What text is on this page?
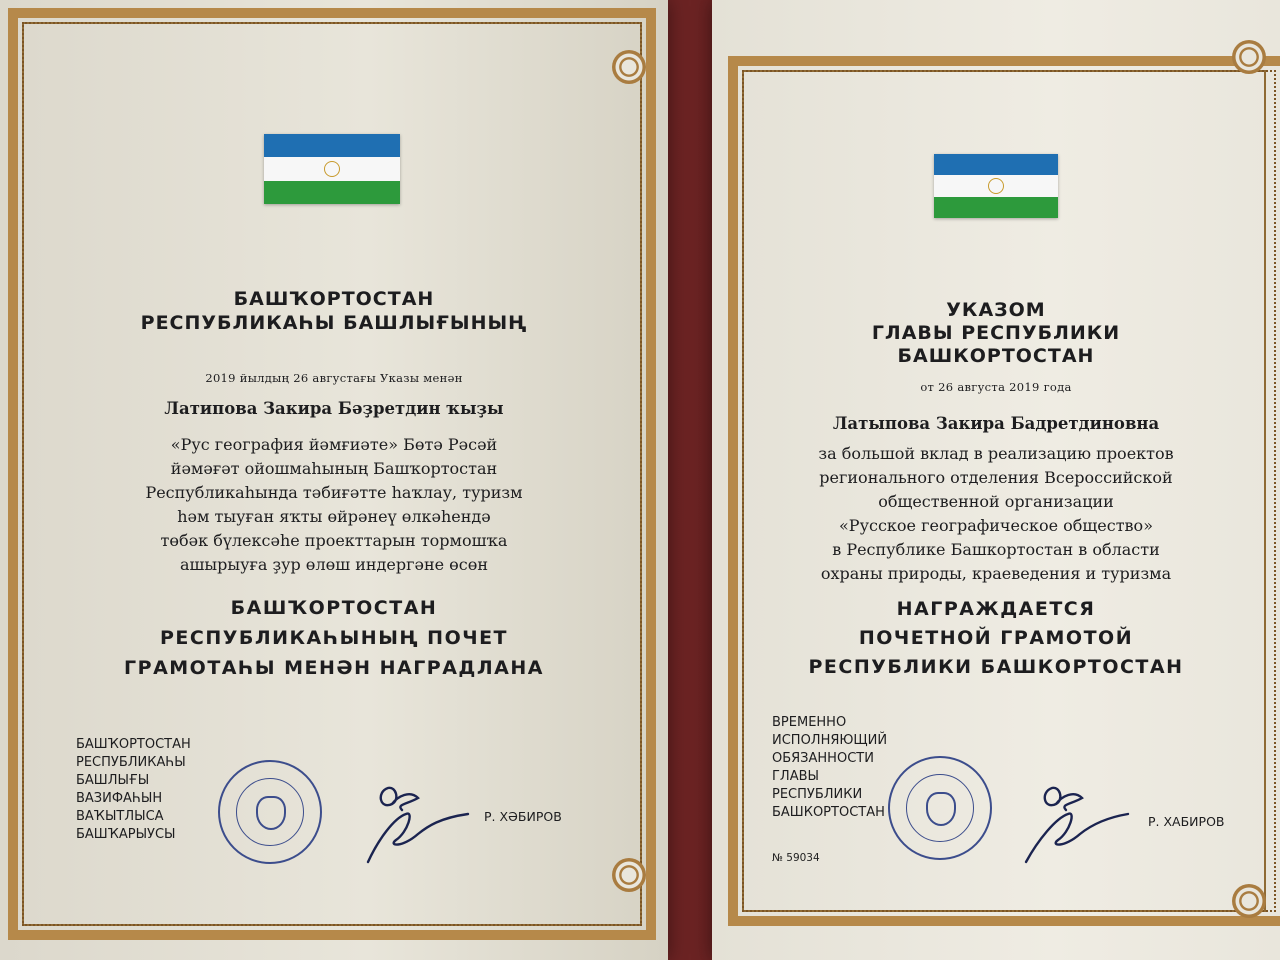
БАШҠОРТОСТАН
РЕСПУБЛИКАҺЫ БАШЛЫҒЫНЫҢ
2019 йылдың 26 августағы Указы менән
Латипова Закира Бәҙретдин ҡыҙы
«Рус география йәмғиәте» Бөтә Рәсәй
йәмәғәт ойошмаһының Башҡортостан
Республикаһында тәбиғәтте һаҡлау, туризм
һәм тыуған яҡты өйрәнеү өлкәһендә
төбәк бүлексәһе проекттарын тормошҡа
ашырыуға ҙур өлөш индергәне өсөн
БАШҠОРТОСТАН
РЕСПУБЛИКАҺЫНЫҢ ПОЧЕТ
ГРАМОТАҺЫ МЕНӘН НАГРАДЛАНА
БАШҠОРТОСТАН
РЕСПУБЛИКАҺЫ
БАШЛЫҒЫ
ВАЗИФАҺЫН
ВАҠЫТЛЫСА
БАШҠАРЫУСЫ
Р. ХӘБИРОВ
УКАЗОМ
ГЛАВЫ РЕСПУБЛИКИ
БАШКОРТОСТАН
от 26 августа 2019 года
Латыпова Закира Бадретдиновна
за большой вклад в реализацию проектов
регионального отделения Всероссийской
общественной организации
«Русское географическое общество»
в Республике Башкортостан в области
охраны природы, краеведения и туризма
НАГРАЖДАЕТСЯ
ПОЧЕТНОЙ ГРАМОТОЙ
РЕСПУБЛИКИ БАШКОРТОСТАН
ВРЕМЕННО
ИСПОЛНЯЮЩИЙ
ОБЯЗАННОСТИ
ГЛАВЫ
РЕСПУБЛИКИ
БАШКОРТОСТАН
Р. ХАБИРОВ
№ 59034
